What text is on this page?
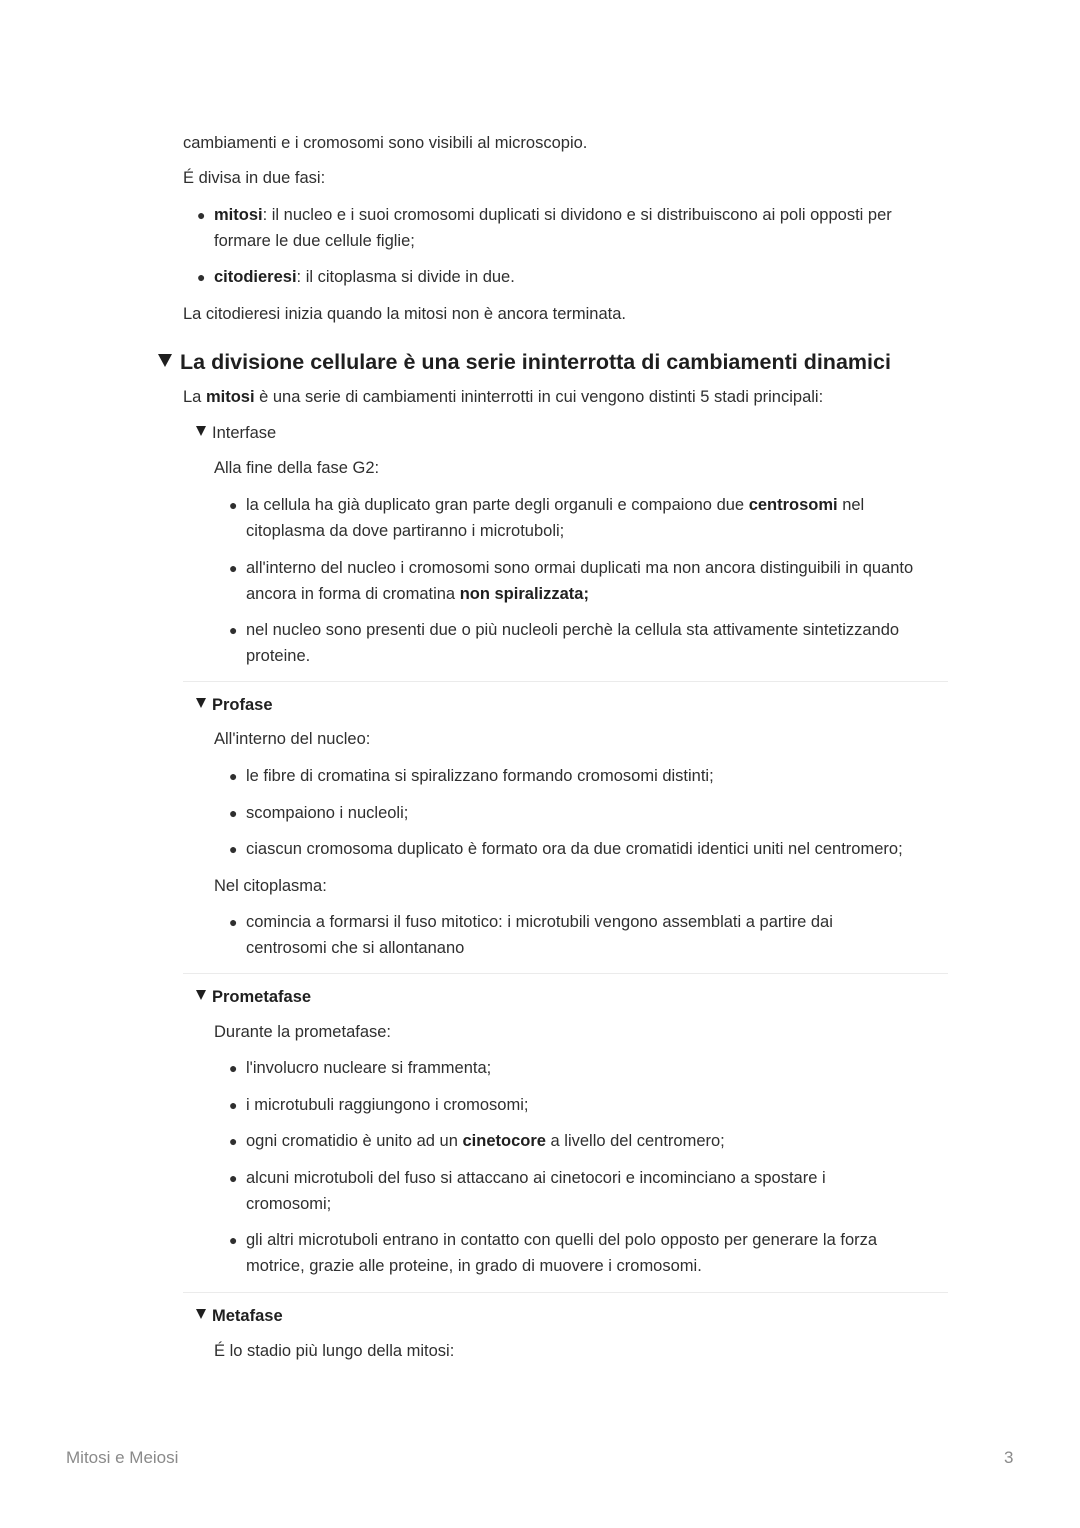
cambiamenti e i cromosomi sono visibili al microscopio.
É divisa in due fasi:
● mitosi: il nucleo e i suoi cromosomi duplicati si dividono e si distribuiscono ai poli opposti per formare le due cellule figlie;
● citodieresi: il citoplasma si divide in due.
La citodieresi inizia quando la mitosi non è ancora terminata.
La divisione cellulare è una serie ininterrotta di cambiamenti dinamici
La mitosi è una serie di cambiamenti ininterrotti in cui vengono distinti 5 stadi principali:
Interfase
Alla fine della fase G2:
● la cellula ha già duplicato gran parte degli organuli e compaiono due centrosomi nel citoplasma da dove partiranno i microtuboli;
● all'interno del nucleo i cromosomi sono ormai duplicati ma non ancora distinguibili in quanto ancora in forma di cromatina non spiralizzata;
● nel nucleo sono presenti due o più nucleoli perchè la cellula sta attivamente sintetizzando proteine.
Profase
All'interno del nucleo:
● le fibre di cromatina si spiralizzano formando cromosomi distinti;
● scompaiono i nucleoli;
● ciascun cromosoma duplicato è formato ora da due cromatidi identici uniti nel centromero;
Nel citoplasma:
● comincia a formarsi il fuso mitotico: i microtubili vengono assemblati a partire dai centrosomi che si allontanano
Prometafase
Durante la prometafase:
● l'involucro nucleare si frammenta;
● i microtubuli raggiungono i cromosomi;
● ogni cromatidio è unito ad un cinetocore a livello del centromero;
● alcuni microtuboli del fuso si attaccano ai cinetocori e incominciano a spostare i cromosomi;
● gli altri microtuboli entrano in contatto con quelli del polo opposto per generare la forza motrice, grazie alle proteine, in grado di muovere i cromosomi.
Metafase
É lo stadio più lungo della mitosi:
Mitosi e Meiosi	3
